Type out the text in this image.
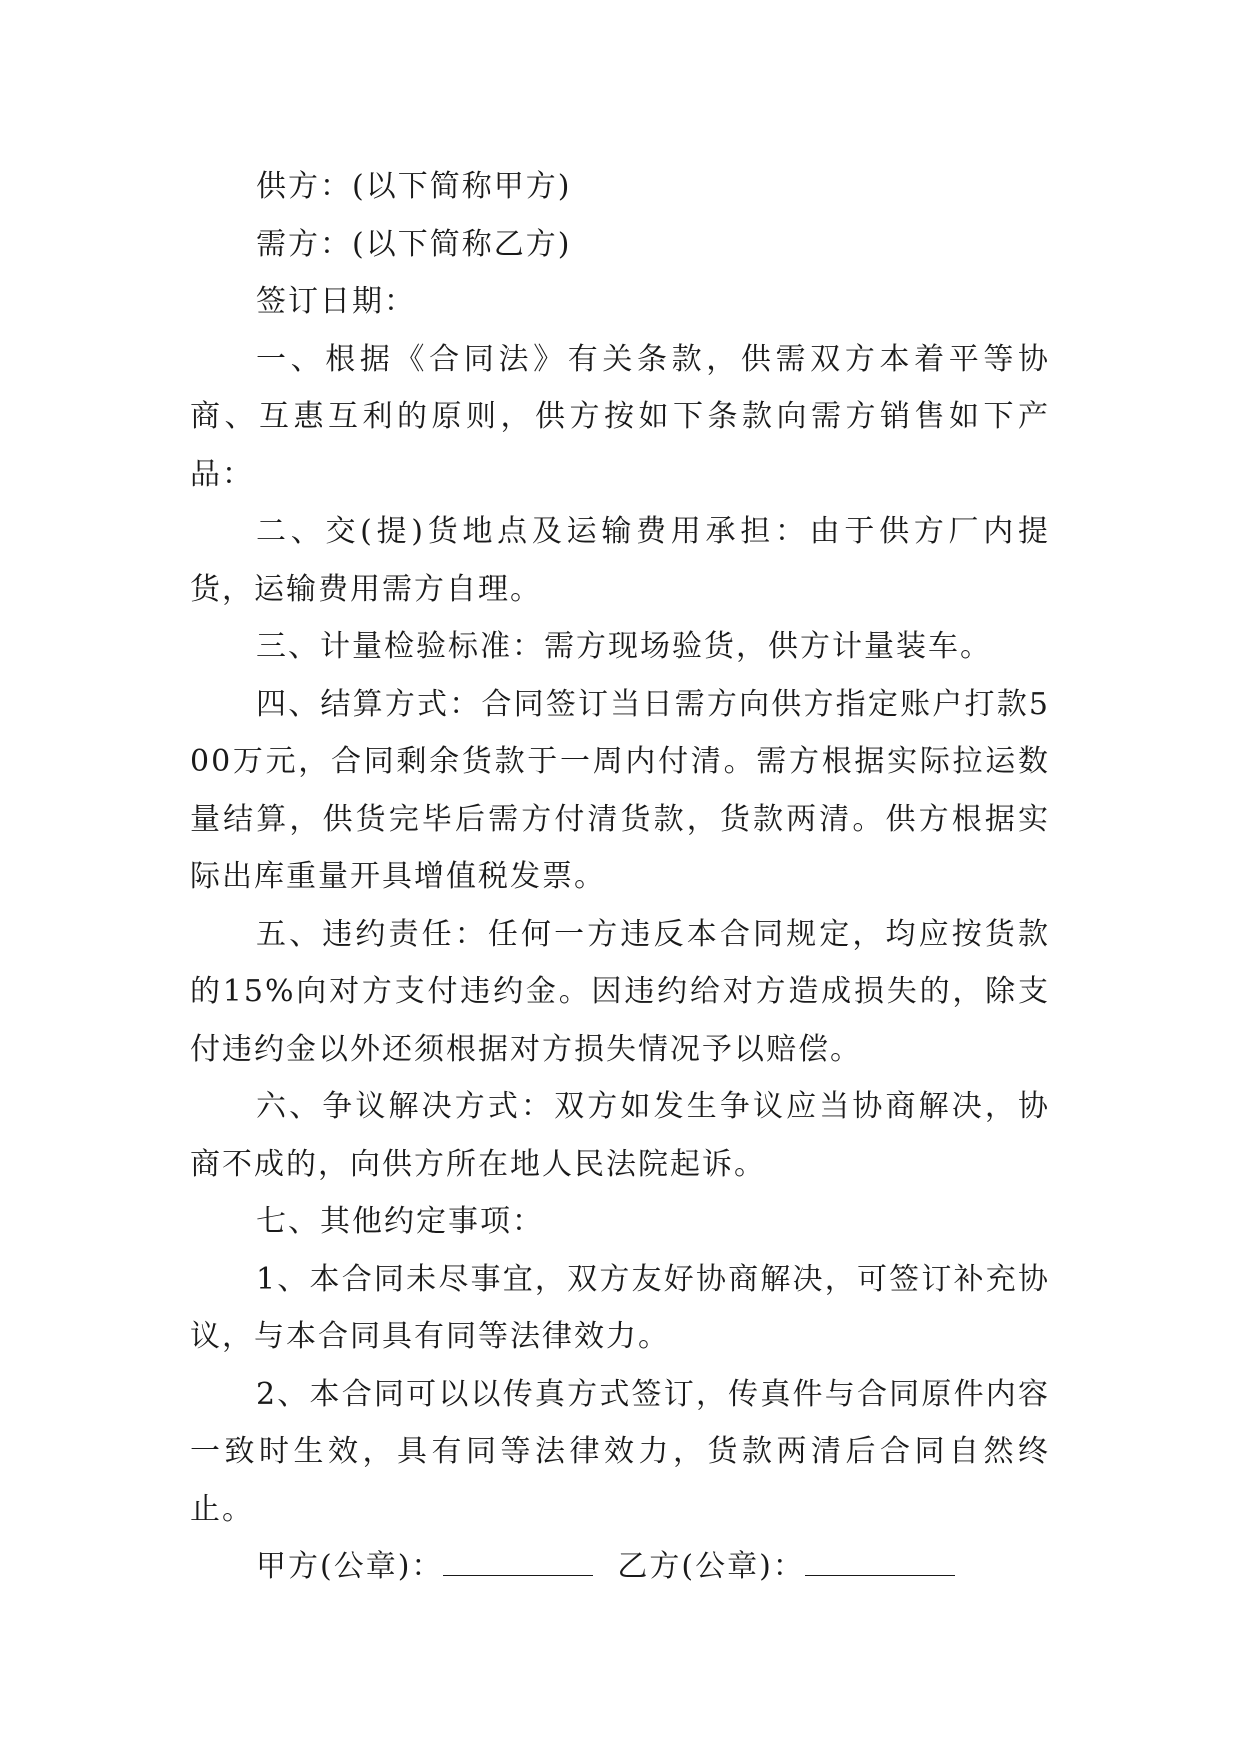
供方：(以下简称甲方)

需方：(以下简称乙方)

签订日期：

一、根据《合同法》有关条款，供需双方本着平等协商、互惠互利的原则，供方按如下条款向需方销售如下产品：

二、交(提)货地点及运输费用承担：由于供方厂内提货，运输费用需方自理。

三、计量检验标准：需方现场验货，供方计量装车。

四、结算方式：合同签订当日需方向供方指定账户打款500万元，合同剩余货款于一周内付清。需方根据实际拉运数量结算，供货完毕后需方付清货款，货款两清。供方根据实际出库重量开具增值税发票。

五、违约责任：任何一方违反本合同规定，均应按货款的15%向对方支付违约金。因违约给对方造成损失的，除支付违约金以外还须根据对方损失情况予以赔偿。

六、争议解决方式：双方如发生争议应当协商解决，协商不成的，向供方所在地人民法院起诉。

七、其他约定事项：

1、本合同未尽事宜，双方友好协商解决，可签订补充协议，与本合同具有同等法律效力。

2、本合同可以以传真方式签订，传真件与合同原件内容一致时生效，具有同等法律效力，货款两清后合同自然终止。

甲方(公章)：	乙方(公章)：
